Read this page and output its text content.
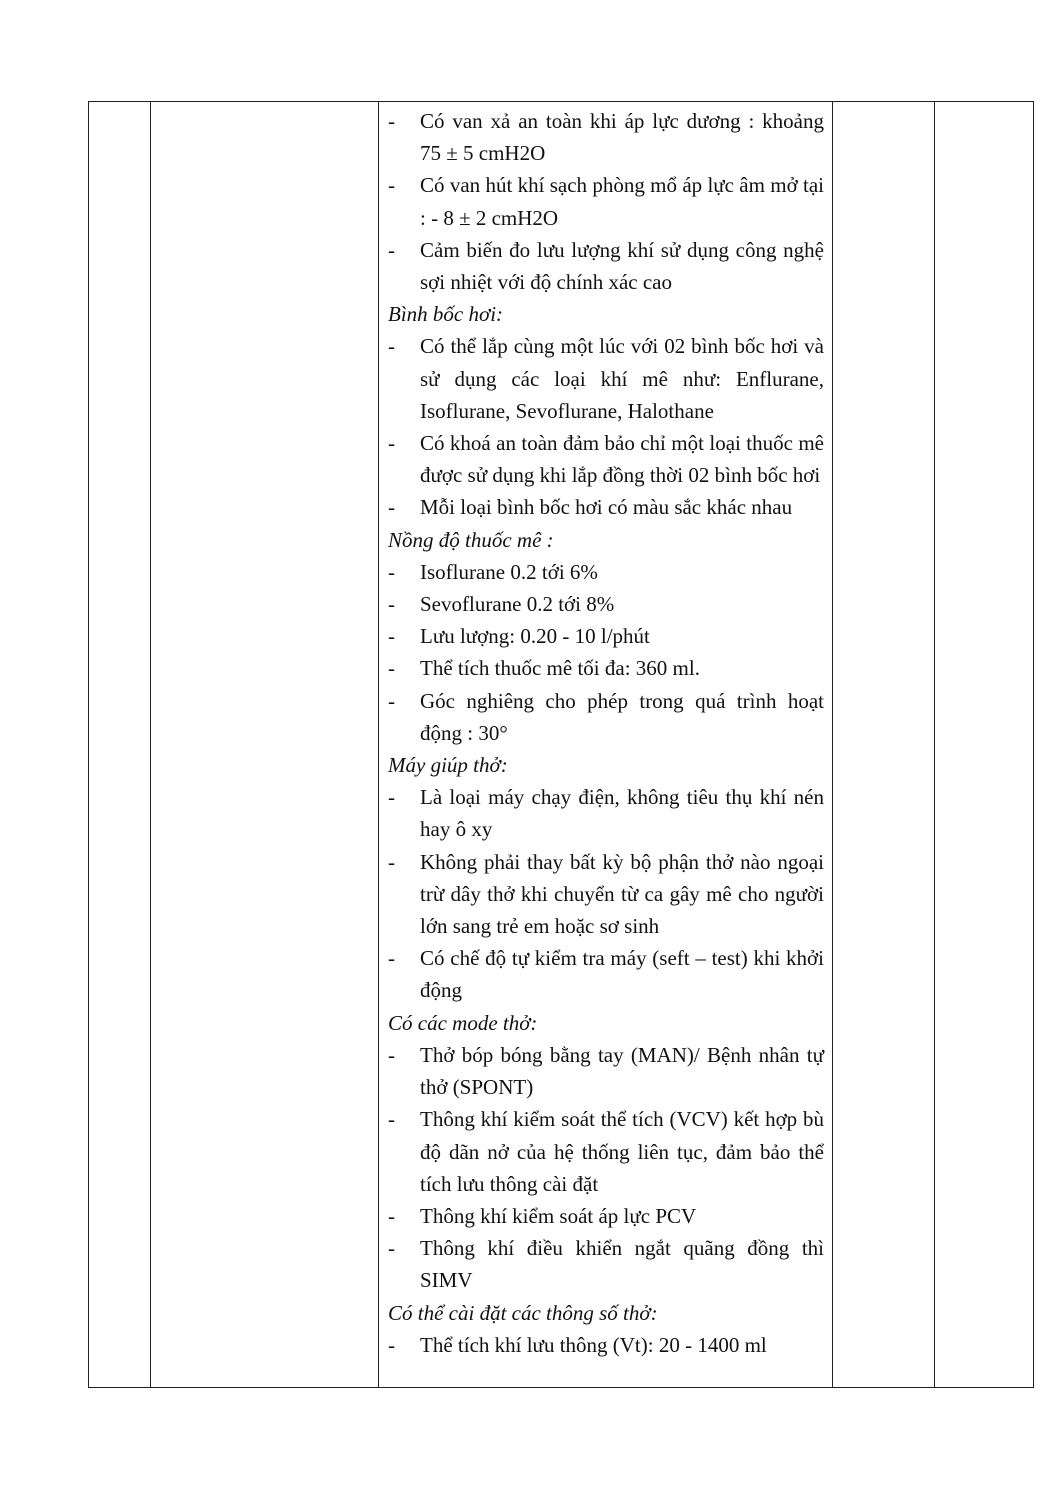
- Có van xả an toàn khi áp lực dương : khoảng 75 ± 5 cmH2O
- Có van hút khí sạch phòng mổ áp lực âm mở tại : - 8 ± 2 cmH2O
- Cảm biến đo lưu lượng khí sử dụng công nghệ sợi nhiệt với độ chính xác cao
Bình bốc hơi:
- Có thể lắp cùng một lúc với 02 bình bốc hơi và sử dụng các loại khí mê như: Enflurane, Isoflurane, Sevoflurane, Halothane
- Có khoá an toàn đảm bảo chỉ một loại thuốc mê được sử dụng khi lắp đồng thời 02 bình bốc hơi
- Mỗi loại bình bốc hơi có màu sắc khác nhau
Nồng độ thuốc mê :
- Isoflurane 0.2 tới 6%
- Sevoflurane 0.2 tới 8%
- Lưu lượng: 0.20 - 10 l/phút
- Thể tích thuốc mê tối đa: 360 ml.
- Góc nghiêng cho phép trong quá trình hoạt động : 30°
Máy giúp thở:
- Là loại máy chạy điện, không tiêu thụ khí nén hay ô xy
- Không phải thay bất kỳ bộ phận thở nào ngoại trừ dây thở khi chuyển từ ca gây mê cho người lớn sang trẻ em hoặc sơ sinh
- Có chế độ tự kiểm tra máy (seft – test) khi khởi động
Có các mode thở:
- Thở bóp bóng bằng tay (MAN)/ Bệnh nhân tự thở (SPONT)
- Thông khí kiểm soát thể tích (VCV) kết hợp bù độ dãn nở của hệ thống liên tục, đảm bảo thể tích lưu thông cài đặt
- Thông khí kiểm soát áp lực PCV
- Thông khí điều khiển ngắt quãng đồng thì SIMV
Có thể cài đặt các thông số thở:
- Thể tích khí lưu thông (Vt): 20 - 1400 ml
